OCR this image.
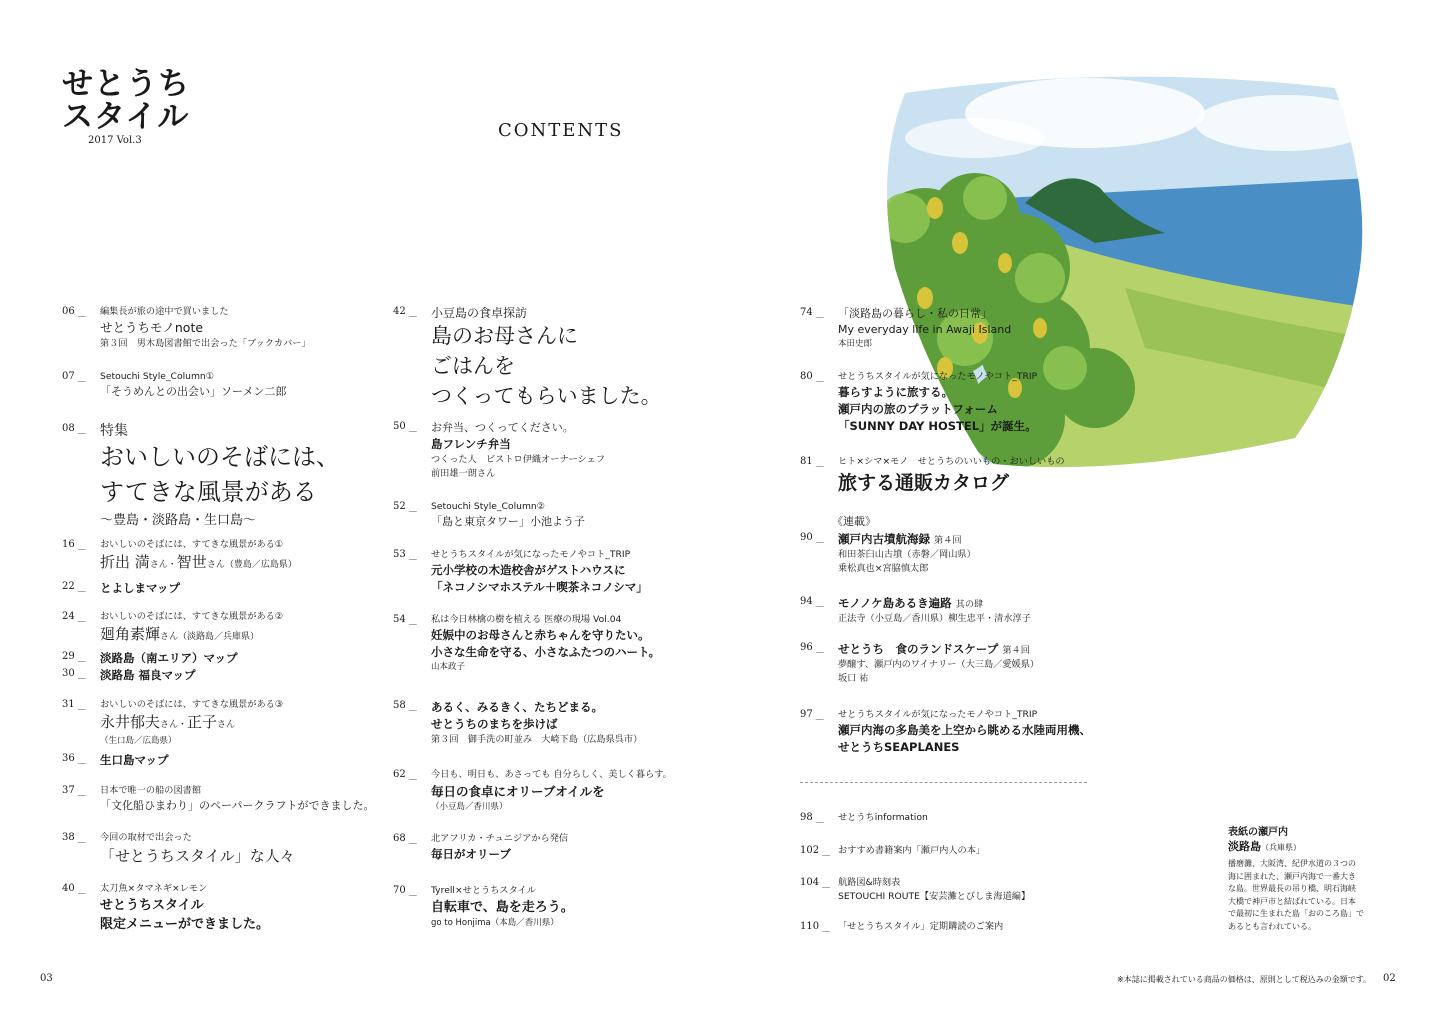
せとうち
スタイル
2017 Vol.3	CONTENTS
06 __	編集長が旅の途中で買いました
せとうちモノnote
第３回　男木島図書館で出会った「ブックカバー」
07 __	Setouchi Style_Column①
「そうめんとの出会い」ソーメン二郎
08 __	特集
おいしいのそばには、
すてきな風景がある
〜豊島・淡路島・生口島〜
16 __	おいしいのそばには、すてきな風景がある①
折出 満さん・智世さん（豊島／広島県）
22 __	とよしまマップ
24 __	おいしいのそばには、すてきな風景がある②
廻角素輝さん（淡路島／兵庫県）
29 __	淡路島（南エリア）マップ
30 __	淡路島 福良マップ
31 __	おいしいのそばには、すてきな風景がある③
永井郁夫さん・正子さん
（生口島／広島県）
36 __	生口島マップ
37 __	日本で唯一の船の図書館
「文化船ひまわり」のペーパークラフトができました。
38 __	今回の取材で出会った
「せとうちスタイル」な人々
40 __	太刀魚×タマネギ×レモン
せとうちスタイル
限定メニューができました。
42 __	小豆島の食卓探訪
島のお母さんに
ごはんを
つくってもらいました。
50 __	お弁当、つくってください。
島フレンチ弁当
つくった人　ビストロ伊織オーナーシェフ
前田雄一朗さん
52 __	Setouchi Style_Column②
「島と東京タワー」小池よう子
53 __	せとうちスタイルが気になったモノやコト_TRIP
元小学校の木造校舎がゲストハウスに
「ネコノシマホステル＋喫茶ネコノシマ」
54 __	私は今日林檎の樹を植える 医療の現場 Vol.04
妊娠中のお母さんと赤ちゃんを守りたい。
小さな生命を守る、小さなふたつのハート。
山本政子
58 __	あるく、みるきく、たちどまる。
せとうちのまちを歩けば
第３回　御手洗の町並み　大崎下島（広島県呉市）
62 __	今日も、明日も、あさっても 自分らしく、美しく暮らす。
毎日の食卓にオリーブオイルを
（小豆島／香川県）
68 __	北アフリカ・チュニジアから発信
毎日がオリーブ
70 __	Tyrell×せとうちスタイル
自転車で、島を走ろう。
go to Honjima（本島／香川県）
74 __	「淡路島の暮らし・私の日常」
My everyday life in Awaji Island
本田史郎
80 __	せとうちスタイルが気になったモノやコト_TRIP
暮らすように旅する。
瀬戸内の旅のプラットフォーム
「SUNNY DAY HOSTEL」が誕生。
81 __	ヒト×シマ×モノ　せとうちのいいもの・おいしいもの
旅する通販カタログ
《連載》
90 __	瀬戸内古墳航海録 第４回
和田茶臼山古墳（赤磐／岡山県）
乗松真也×宮脇慎太郎
94 __	モノノケ島あるき遍路 其の肆
正法寺（小豆島／香川県）柳生忠平・清水淳子
96 __	せとうち　食のランドスケープ 第４回
夢醸す、瀬戸内のワイナリー（大三島／愛媛県）
坂口 祐
97 __	せとうちスタイルが気になったモノやコト_TRIP
瀬戸内海の多島美を上空から眺める水陸両用機、
せとうちSEAPLANES
98 __	せとうちinformation
102 __	おすすめ書籍案内「瀬戸内人の本」
104 __	航路図&時刻表
SETOUCHI ROUTE【安芸灘とびしま海道編】
110 __	「せとうちスタイル」定期購読のご案内
表紙の瀬戸内
淡路島（兵庫県）
播磨灘、大阪湾、紀伊水道の３つの
海に囲まれた、瀬戸内海で一番大き
な島。世界最長の吊り橋、明石海峡
大橋で神戸市と結ばれている。日本
で最初に生まれた島「おのころ島」で
あるとも言われている。
03	※本誌に掲載されている商品の価格は、原則として税込みの金額です。 02
